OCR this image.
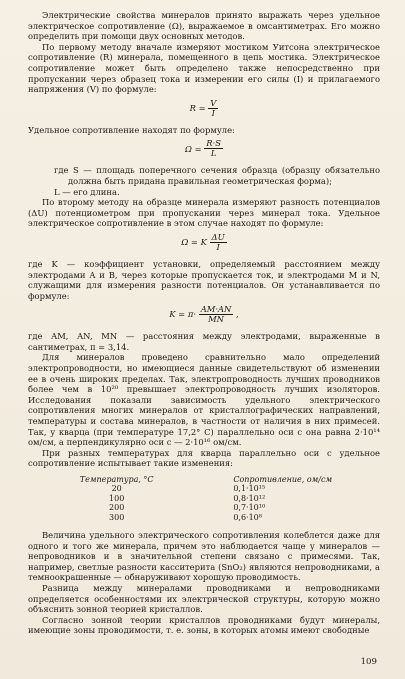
Электрические свойства минералов принято выражать через удельное электрическое сопротивление (Ω), выражаемое в омсантиметрах. Его можно определить при помощи двух основных методов.

По первому методу вначале измеряют мостиком Уитсона электрическое сопротивление (R) минерала, помещенного в цепь мостика. Электрическое сопротивление может быть определено также непосредственно при пропускании через образец тока и измерении его силы (I) и прилагаемого напряжения (V) по формуле:

$R = \frac{V}{I}$

Удельное сопротивление находят по формуле:

$\Omega = \frac{R\cdot S}{L}$

где S — площадь поперечного сечения образца (образцу обязательно должна быть придана правильная геометрическая форма);

L — его длина.

По второму методу на образце минерала измеряют разность потенциалов (ΔU) потенциометром при пропускании через минерал тока. Удельное электрическое сопротивление в этом случае находят по формуле:

Ω = K $\frac{\Delta U}{I}$

где K — коэффициент установки, определяемый расстоянием между электродами A и B, через которые пропускается ток, и электродами M и N, служащими для измерения разности потенциалов. Он устанавливается по формуле:

$K = \pi\cdot \frac{AM\cdot AN}{MN}$ ,

где AM, AN, MN — расстояния между электродами, выраженные в сантиметрах, π = 3,14.

Для минералов проведено сравнительно мало определений электропроводности, но имеющиеся данные свидетельствуют об изменении ее в очень широких пределах. Так, электропроводность лучших проводников более чем в 10²⁰ превышает электропроводность лучших изоляторов. Исследования показали зависимость удельного электрического сопротивления многих минералов от кристаллографических направлений, температуры и состава минералов, в частности от наличия в них примесей. Так, у кварца (при температуре 17,2° C) параллельно оси c она равна 2·10¹⁴ ом/см, а перпендикулярно оси c — 2·10¹⁶ ом/см.

При разных температурах для кварца параллельно оси c удельное сопротивление испытывает такие изменения:

Температура, °C	Сопротивление, ом/см
20	0,1·10¹⁵
100	0,8·10¹²
200	0,7·10¹⁰
300	0,6·10⁸

Величина удельного электрического сопротивления колеблется даже для одного и того же минерала, причем это наблюдается чаще у минералов — непроводников и в значительной степени связано с примесями. Так, например, светлые разности касситерита (SnO₂) являются непроводниками, а темноокрашенные — обнаруживают хорошую проводимость.

Разница между минералами проводниками и непроводниками определяется особенностями их электрической структуры, которую можно объяснить зонной теорией кристаллов.

Согласно зонной теории кристаллов проводниками будут минералы, имеющие зоны проводимости, т. е. зоны, в которых атомы имеют свободные

109
